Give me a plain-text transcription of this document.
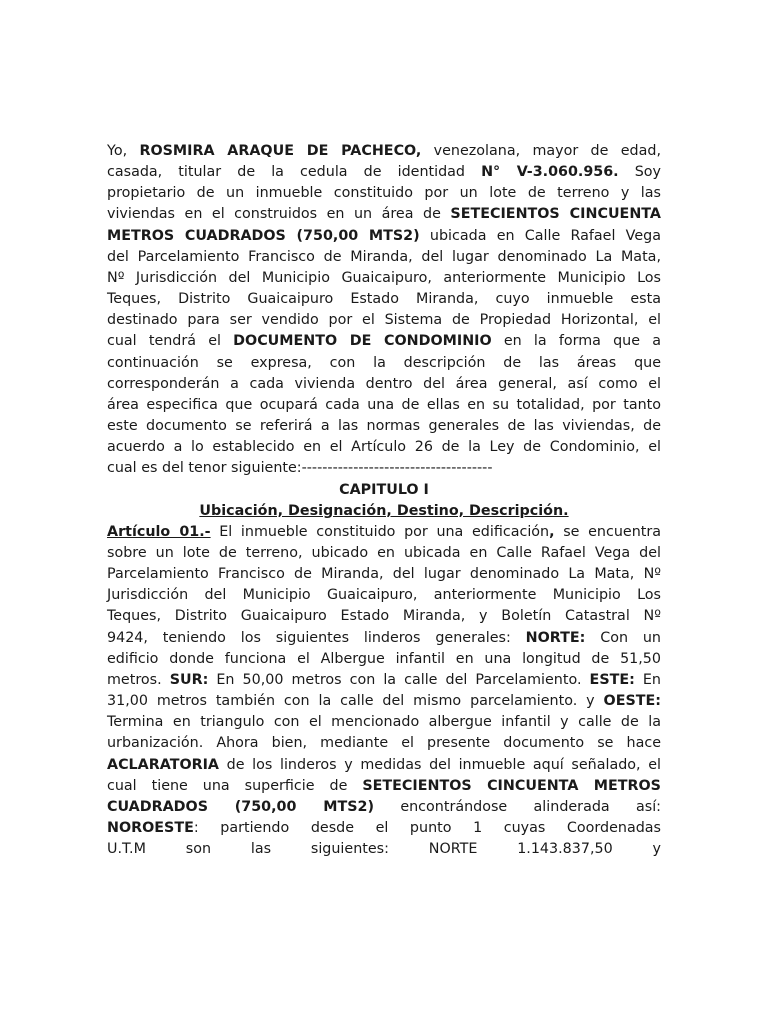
Yo, ROSMIRA ARAQUE DE PACHECO, venezolana, mayor de edad,
casada, titular de la cedula de identidad N° V-3.060.956. Soy
propietario de un inmueble constituido por un lote de terreno y las
viviendas en el construidos en un área de SETECIENTOS CINCUENTA
METROS CUADRADOS (750,00 MTS2) ubicada en Calle Rafael Vega
del Parcelamiento Francisco de Miranda, del lugar denominado La Mata,
Nº Jurisdicción del Municipio Guaicaipuro, anteriormente Municipio Los
Teques, Distrito Guaicaipuro Estado Miranda, cuyo inmueble esta
destinado para ser vendido por el Sistema de Propiedad Horizontal, el
cual tendrá el DOCUMENTO DE CONDOMINIO en la forma que a
continuación se expresa, con la descripción de las áreas que
corresponderán a cada vivienda dentro del área general, así como el
área especifica que ocupará cada una de ellas en su totalidad, por tanto
este documento se referirá a las normas generales de las viviendas, de
acuerdo a lo establecido en el Artículo 26 de la Ley de Condominio, el
cual es del tenor siguiente:-------------------------------------

CAPITULO I
Ubicación, Designación, Destino, Descripción.

Artículo 01.- El inmueble constituido por una edificación, se encuentra
sobre un lote de terreno, ubicado en ubicada en Calle Rafael Vega del
Parcelamiento Francisco de Miranda, del lugar denominado La Mata, Nº
Jurisdicción del Municipio Guaicaipuro, anteriormente Municipio Los
Teques, Distrito Guaicaipuro Estado Miranda, y Boletín Catastral Nº
9424, teniendo los siguientes linderos generales: NORTE: Con un
edificio donde funciona el Albergue infantil en una longitud de 51,50
metros. SUR: En 50,00 metros con la calle del Parcelamiento. ESTE: En
31,00 metros también con la calle del mismo parcelamiento. y OESTE:
Termina en triangulo con el mencionado albergue infantil y calle de la
urbanización. Ahora bien, mediante el presente documento se hace
ACLARATORIA de los linderos y medidas del inmueble aquí señalado, el
cual tiene una superficie de SETECIENTOS CINCUENTA METROS
CUADRADOS (750,00 MTS2) encontrándose alinderada así:
NOROESTE: partiendo desde el punto 1 cuyas Coordenadas
U.T.M son las siguientes: NORTE 1.143.837,50 y
